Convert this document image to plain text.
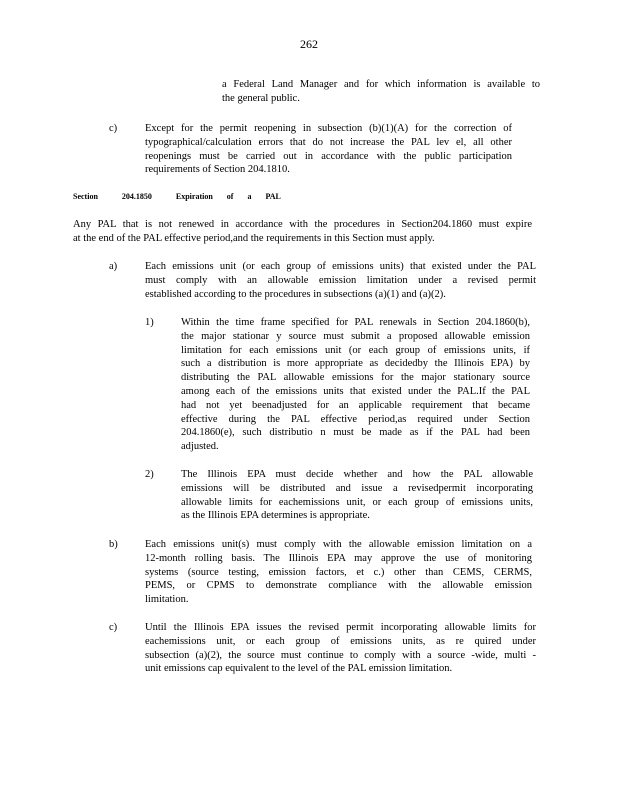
262
a Federal Land Manager and for which information is available to
the general public.
c)	Except for the permit reopening in subsection (b)(1)(A) for the correction of
typographical/calculation errors that do not increase the PAL lev el, all other
reopenings must be carried out in accordance with the public participation
requirements of Section 204.1810.
Section	204.1850	Expiration of a PAL
Any PAL that is not renewed in accordance with the procedures in Section204.1860 must expire
at the end of the PAL effective period,and the requirements in this Section must apply.
a)	Each emissions unit (or each group of emissions units) that existed under the PAL
must comply with an allowable emission limitation under a revised permit
established according to the procedures in subsections (a)(1) and (a)(2).
1)	Within the time frame specified for PAL renewals in Section 204.1860(b),
the major stationar y source must submit a proposed allowable emission
limitation for each emissions unit (or each group of emissions units, if
such a distribution is more appropriate as decidedby the Illinois EPA) by
distributing the PAL allowable emissions for the major stationary source
among each of the emissions units that existed under the PAL.If the PAL
had not yet beenadjusted for an applicable requirement that became
effective during the PAL effective period,as required under Section
204.1860(e), such distributio n must be made as if the PAL had been
adjusted.
2)	The Illinois EPA must decide whether and how the PAL allowable
emissions will be distributed and issue a revisedpermit incorporating
allowable limits for eachemissions unit, or each group of emissions units,
as the Illinois EPA determines is appropriate.
b)	Each emissions unit(s) must comply with the allowable emission limitation on a
12-month rolling basis. The Illinois EPA may approve the use of monitoring
systems (source testing, emission factors, et c.) other than CEMS, CERMS,
PEMS, or CPMS to demonstrate compliance with the allowable emission
limitation.
c)	Until the Illinois EPA issues the revised permit incorporating allowable limits for
eachemissions unit, or each group of emissions units, as re quired under
subsection (a)(2), the source must continue to comply with a source -wide, multi -
unit emissions cap equivalent to the level of the PAL emission limitation.
